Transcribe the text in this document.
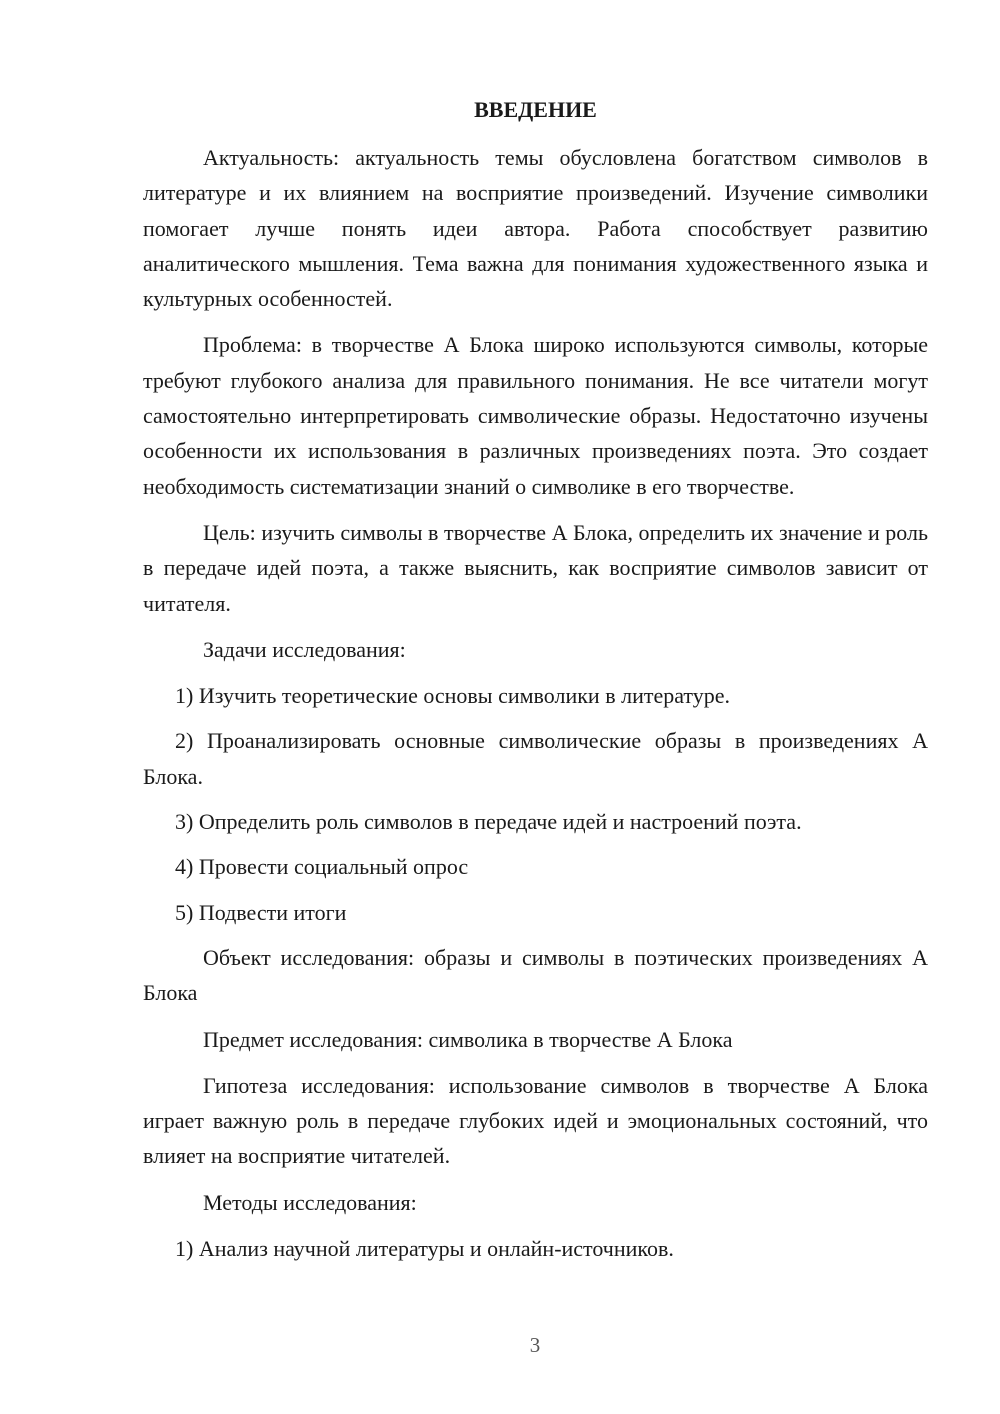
ВВЕДЕНИЕ

Актуальность: актуальность темы обусловлена богатством символов в литературе и их влиянием на восприятие произведений. Изучение символики помогает лучше понять идеи автора. Работа способствует развитию аналитического мышления. Тема важна для понимания художественного языка и культурных особенностей.

Проблема: в творчестве А Блока широко используются символы, которые требуют глубокого анализа для правильного понимания. Не все читатели могут самостоятельно интерпретировать символические образы. Недостаточно изучены особенности их использования в различных произведениях поэта. Это создает необходимость систематизации знаний о символике в его творчестве.

Цель: изучить символы в творчестве А Блока, определить их значение и роль в передаче идей поэта, а также выяснить, как восприятие символов зависит от читателя.

Задачи исследования:

1) Изучить теоретические основы символики в литературе.

2) Проанализировать основные символические образы в произведениях А Блока.

3) Определить роль символов в передаче идей и настроений поэта.

4) Провести социальный опрос

5) Подвести итоги

Объект исследования: образы и символы в поэтических произведениях А Блока

Предмет исследования: символика в творчестве А Блока

Гипотеза исследования: использование символов в творчестве А Блока играет важную роль в передаче глубоких идей и эмоциональных состояний, что влияет на восприятие читателей.

Методы исследования:

1) Анализ научной литературы и онлайн-источников.

3
